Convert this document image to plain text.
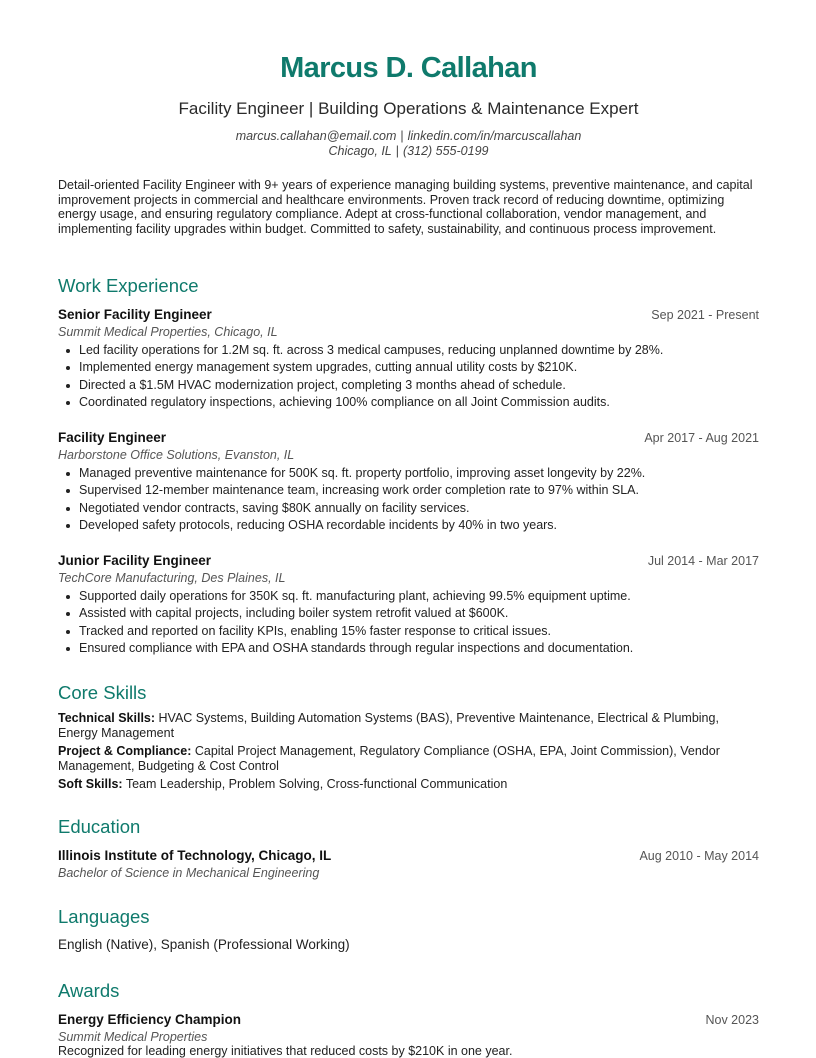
Marcus D. Callahan
Facility Engineer | Building Operations & Maintenance Expert
marcus.callahan@email.com | linkedin.com/in/marcuscallahan
Chicago, IL | (312) 555-0199
Detail-oriented Facility Engineer with 9+ years of experience managing building systems, preventive maintenance, and capital improvement projects in commercial and healthcare environments. Proven track record of reducing downtime, optimizing energy usage, and ensuring regulatory compliance. Adept at cross-functional collaboration, vendor management, and implementing facility upgrades within budget. Committed to safety, sustainability, and continuous process improvement.
Work Experience
Senior Facility Engineer	Sep 2021 - Present
Summit Medical Properties, Chicago, IL
Led facility operations for 1.2M sq. ft. across 3 medical campuses, reducing unplanned downtime by 28%.
Implemented energy management system upgrades, cutting annual utility costs by $210K.
Directed a $1.5M HVAC modernization project, completing 3 months ahead of schedule.
Coordinated regulatory inspections, achieving 100% compliance on all Joint Commission audits.
Facility Engineer	Apr 2017 - Aug 2021
Harborstone Office Solutions, Evanston, IL
Managed preventive maintenance for 500K sq. ft. property portfolio, improving asset longevity by 22%.
Supervised 12-member maintenance team, increasing work order completion rate to 97% within SLA.
Negotiated vendor contracts, saving $80K annually on facility services.
Developed safety protocols, reducing OSHA recordable incidents by 40% in two years.
Junior Facility Engineer	Jul 2014 - Mar 2017
TechCore Manufacturing, Des Plaines, IL
Supported daily operations for 350K sq. ft. manufacturing plant, achieving 99.5% equipment uptime.
Assisted with capital projects, including boiler system retrofit valued at $600K.
Tracked and reported on facility KPIs, enabling 15% faster response to critical issues.
Ensured compliance with EPA and OSHA standards through regular inspections and documentation.
Core Skills
Technical Skills: HVAC Systems, Building Automation Systems (BAS), Preventive Maintenance, Electrical & Plumbing, Energy Management
Project & Compliance: Capital Project Management, Regulatory Compliance (OSHA, EPA, Joint Commission), Vendor Management, Budgeting & Cost Control
Soft Skills: Team Leadership, Problem Solving, Cross-functional Communication
Education
Illinois Institute of Technology, Chicago, IL	Aug 2010 - May 2014
Bachelor of Science in Mechanical Engineering
Languages
English (Native), Spanish (Professional Working)
Awards
Energy Efficiency Champion	Nov 2023
Summit Medical Properties
Recognized for leading energy initiatives that reduced costs by $210K in one year.
